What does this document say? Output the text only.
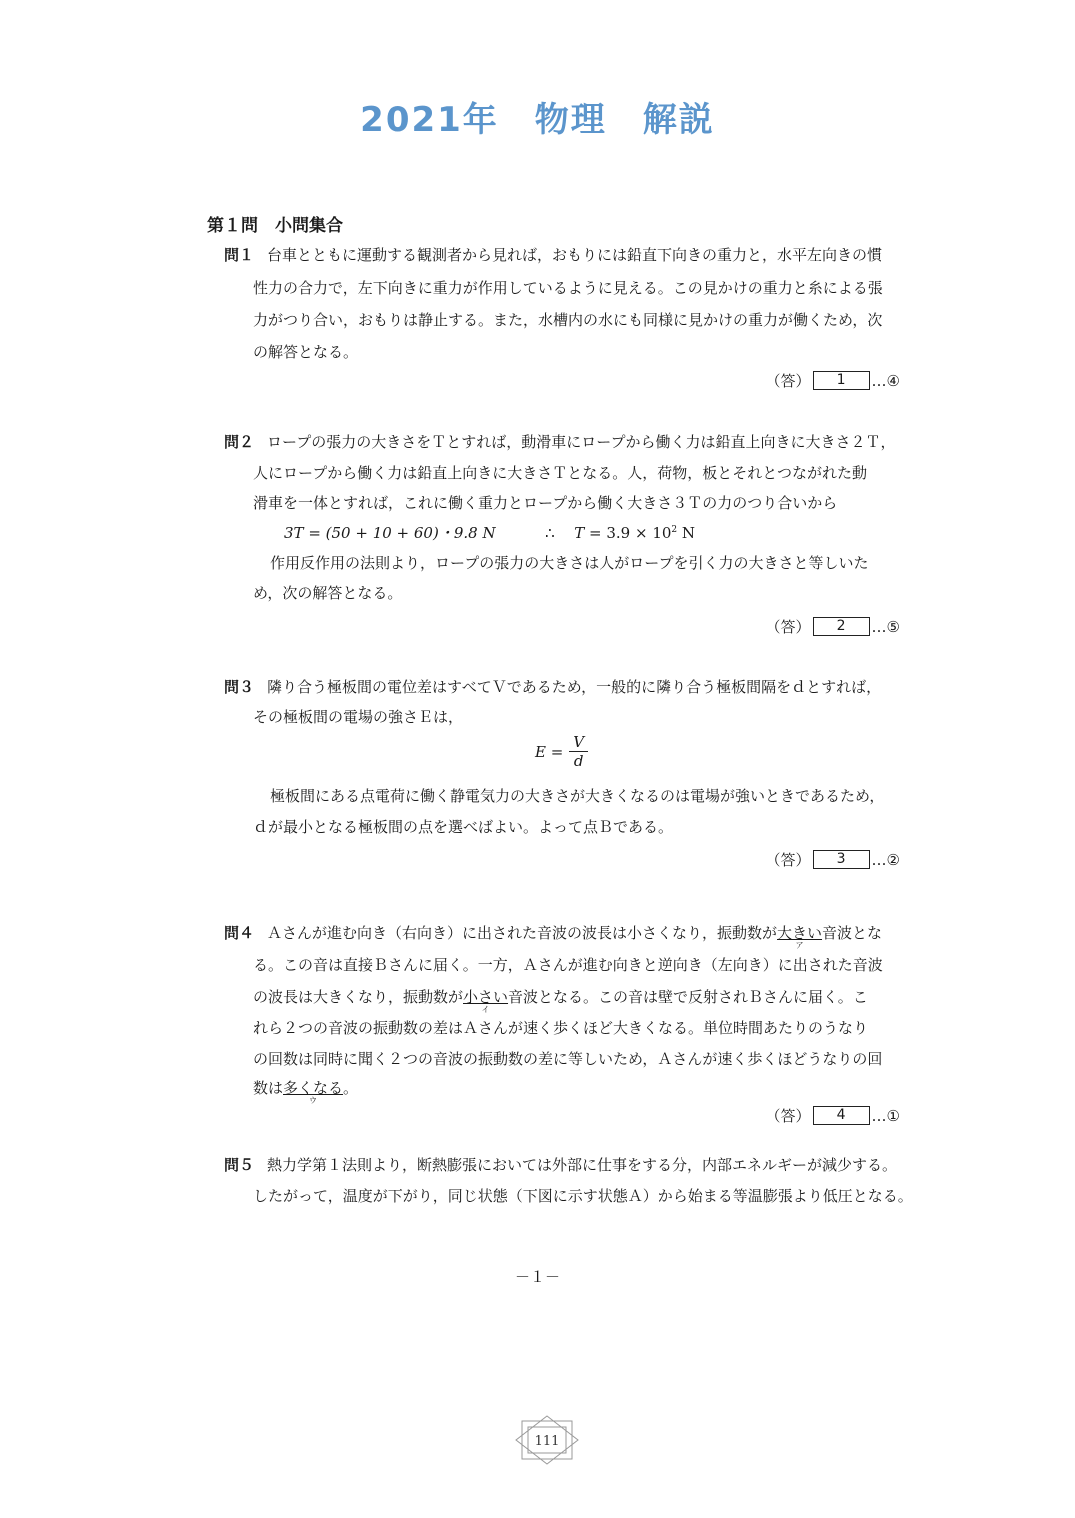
2021年　物理　解説
第１問　小問集合
問１ 台車とともに運動する観測者から見れば，おもりには鉛直下向きの重力と，水平左向きの慣
性力の合力で，左下向きに重力が作用しているように見える。この見かけの重力と糸による張
力がつり合い，おもりは静止する。また，水槽内の水にも同様に見かけの重力が働くため，次
の解答となる。
（答）	1	…④
問２ ロープの張力の大きさをＴとすれば，動滑車にロープから働く力は鉛直上向きに大きさ２Ｔ，
人にロープから働く力は鉛直上向きに大きさＴとなる。人，荷物，板とそれとつながれた動
滑車を一体とすれば，これに働く重力とロープから働く大きさ３Ｔの力のつり合いから
3T = (50 + 10 + 60)・9.8 N	∴ $T = 3.9 \times 10^2$ N
作用反作用の法則より，ロープの張力の大きさは人がロープを引く力の大きさと等しいた
め，次の解答となる。
（答）	2	…⑤
問３ 隣り合う極板間の電位差はすべてＶであるため，一般的に隣り合う極板間隔をｄとすれば，
その極板間の電場の強さＥは，
$E = \frac{V}{d}$
極板間にある点電荷に働く静電気力の大きさが大きくなるのは電場が強いときであるため，
ｄが最小となる極板間の点を選べばよい。よって点Ｂである。
（答）	3	…②
問４ Ａさんが進む向き（右向き）に出された音波の波長は小さくなり，振動数が大きい
ア
音波とな
る。この音は直接Ｂさんに届く。一方，Ａさんが進む向きと逆向き（左向き）に出された音波
の波長は大きくなり，振動数が小さい
イ
音波となる。この音は壁で反射されＢさんに届く。こ
れら２つの音波の振動数の差はＡさんが速く歩くほど大きくなる。単位時間あたりのうなり
の回数は同時に聞く２つの音波の振動数の差に等しいため，Ａさんが速く歩くほどうなりの回
数は多くなる
ウ
。
（答）	4	…①
問５ 熱力学第１法則より，断熱膨張においては外部に仕事をする分，内部エネルギーが減少する。
したがって，温度が下がり，同じ状態（下図に示す状態Ａ）から始まる等温膨張より低圧となる。
－１－
111
